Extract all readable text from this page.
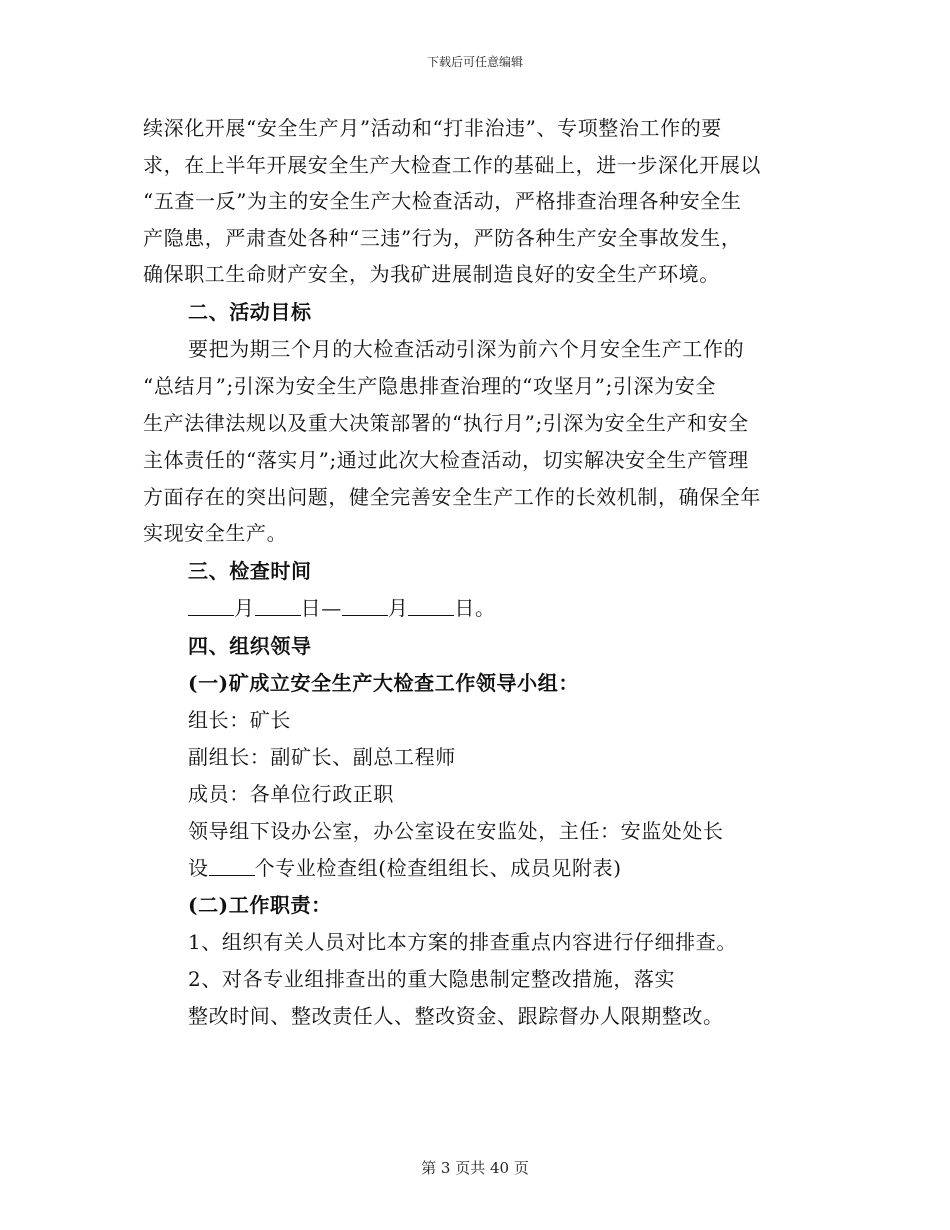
下载后可任意编辑
续深化开展“安全生产月”活动和“打非治违”、专项整治工作的要
求，在上半年开展安全生产大检查工作的基础上，进一步深化开展以
“五查一反”为主的安全生产大检查活动，严格排查治理各种安全生
产隐患，严肃查处各种“三违”行为，严防各种生产安全事故发生，
确保职工生命财产安全，为我矿进展制造良好的安全生产环境。
二、活动目标
要把为期三个月的大检查活动引深为前六个月安全生产工作的
“总结月”;引深为安全生产隐患排查治理的“攻坚月”;引深为安全
生产法律法规以及重大决策部署的“执行月”;引深为安全生产和安全
主体责任的“落实月”;通过此次大检查活动，切实解决安全生产管理
方面存在的突出问题，健全完善安全生产工作的长效机制，确保全年
实现安全生产。
三、检查时间
月 日— 月 日。
四、组织领导
(一)矿成立安全生产大检查工作领导小组：
组长：矿长
副组长：副矿长、副总工程师
成员：各单位行政正职
领导组下设办公室，办公室设在安监处，主任：安监处处长
设 个专业检查组(检查组组长、成员见附表)
(二)工作职责：
1、组织有关人员对比本方案的排查重点内容进行仔细排查。
2、对各专业组排查出的重大隐患制定整改措施，落实
整改时间、整改责任人、整改资金、跟踪督办人限期整改。
第 3 页共 40 页
